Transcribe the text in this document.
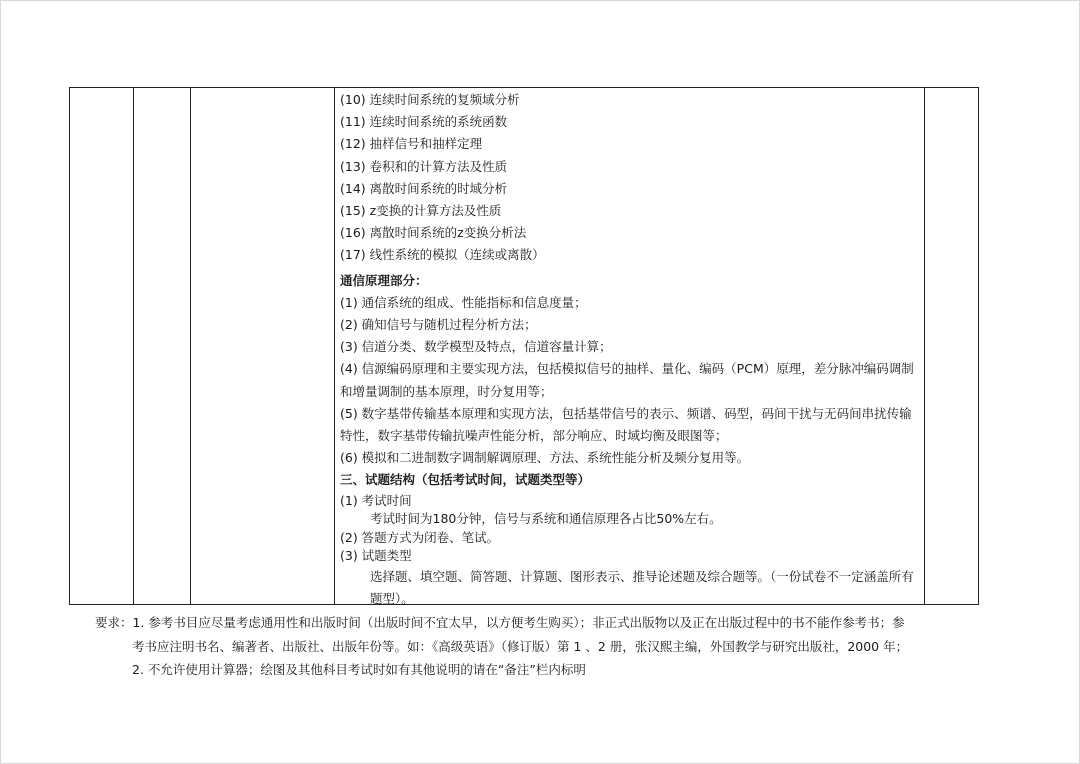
(10) 连续时间系统的复频域分析

(11) 连续时间系统的系统函数

(12) 抽样信号和抽样定理

(13) 卷积和的计算方法及性质

(14) 离散时间系统的时域分析

(15) z变换的计算方法及性质

(16) 离散时间系统的z变换分析法

(17) 线性系统的模拟（连续或离散）

通信原理部分：

(1) 通信系统的组成、性能指标和信息度量；

(2) 确知信号与随机过程分析方法；

(3) 信道分类、数学模型及特点，信道容量计算；

(4) 信源编码原理和主要实现方法，包括模拟信号的抽样、量化、编码（PCM）原理，差分脉冲编码调制和增量调制的基本原理，时分复用等；

(5) 数字基带传输基本原理和实现方法，包括基带信号的表示、频谱、码型，码间干扰与无码间串扰传输特性，数字基带传输抗噪声性能分析，部分响应、时域均衡及眼图等；

(6) 模拟和二进制数字调制解调原理、方法、系统性能分析及频分复用等。

三、试题结构（包括考试时间，试题类型等）

(1) 考试时间

考试时间为180分钟，信号与系统和通信原理各占比50%左右。

(2) 答题方式为闭卷、笔试。

(3) 试题类型

选择题、填空题、简答题、计算题、图形表示、推导论述题及综合题等。（一份试卷不一定涵盖所有题型）。

要求：1. 参考书目应尽量考虑通用性和出版时间（出版时间不宜太早，以方便考生购买）；非正式出版物以及正在出版过程中的书不能作参考书；参

考书应注明书名、编著者、出版社、出版年份等。如：《高级英语》（修订版）第 1 、2 册，张汉熙主编，外国教学与研究出版社，2000 年；

2. 不允许使用计算器；绘图及其他科目考试时如有其他说明的请在“备注”栏内标明
